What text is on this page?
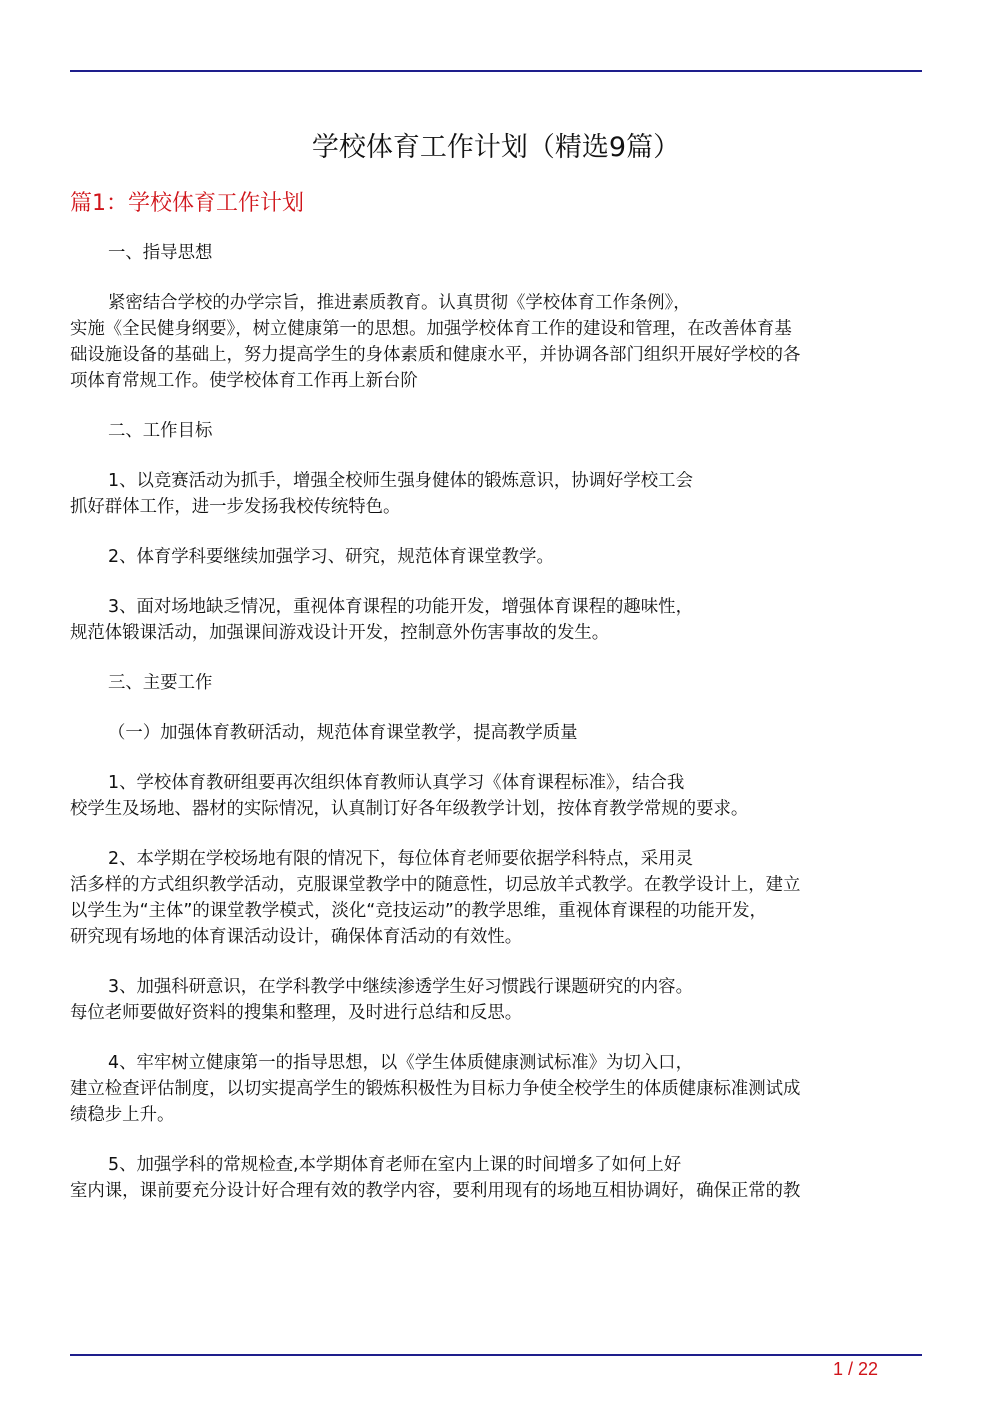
学校体育工作计划（精选9篇）
篇1：学校体育工作计划
一、指导思想
紧密结合学校的办学宗旨，推进素质教育。认真贯彻《学校体育工作条例》，
实施《全民健身纲要》，树立健康第一的思想。加强学校体育工作的建设和管理，在改善体育基
础设施设备的基础上，努力提高学生的身体素质和健康水平，并协调各部门组织开展好学校的各
项体育常规工作。使学校体育工作再上新台阶
二、工作目标
1、以竞赛活动为抓手，增强全校师生强身健体的锻炼意识，协调好学校工会
抓好群体工作，进一步发扬我校传统特色。
2、体育学科要继续加强学习、研究，规范体育课堂教学。
3、面对场地缺乏情况，重视体育课程的功能开发，增强体育课程的趣味性，
规范体锻课活动，加强课间游戏设计开发，控制意外伤害事故的发生。
三、主要工作
（一）加强体育教研活动，规范体育课堂教学，提高教学质量
1、学校体育教研组要再次组织体育教师认真学习《体育课程标准》，结合我
校学生及场地、器材的实际情况，认真制订好各年级教学计划，按体育教学常规的要求。
2、本学期在学校场地有限的情况下，每位体育老师要依据学科特点，采用灵
活多样的方式组织教学活动，克服课堂教学中的随意性，切忌放羊式教学。在教学设计上，建立
以学生为“主体”的课堂教学模式，淡化“竞技运动”的教学思维，重视体育课程的功能开发，
研究现有场地的体育课活动设计，确保体育活动的有效性。
3、加强科研意识，在学科教学中继续渗透学生好习惯践行课题研究的内容。
每位老师要做好资料的搜集和整理，及时进行总结和反思。
4、牢牢树立健康第一的指导思想，以《学生体质健康测试标准》为切入口，
建立检查评估制度，以切实提高学生的锻炼积极性为目标力争使全校学生的体质健康标准测试成
绩稳步上升。
5、加强学科的常规检查,本学期体育老师在室内上课的时间增多了如何上好
室内课，课前要充分设计好合理有效的教学内容，要利用现有的场地互相协调好，确保正常的教
1 / 22
